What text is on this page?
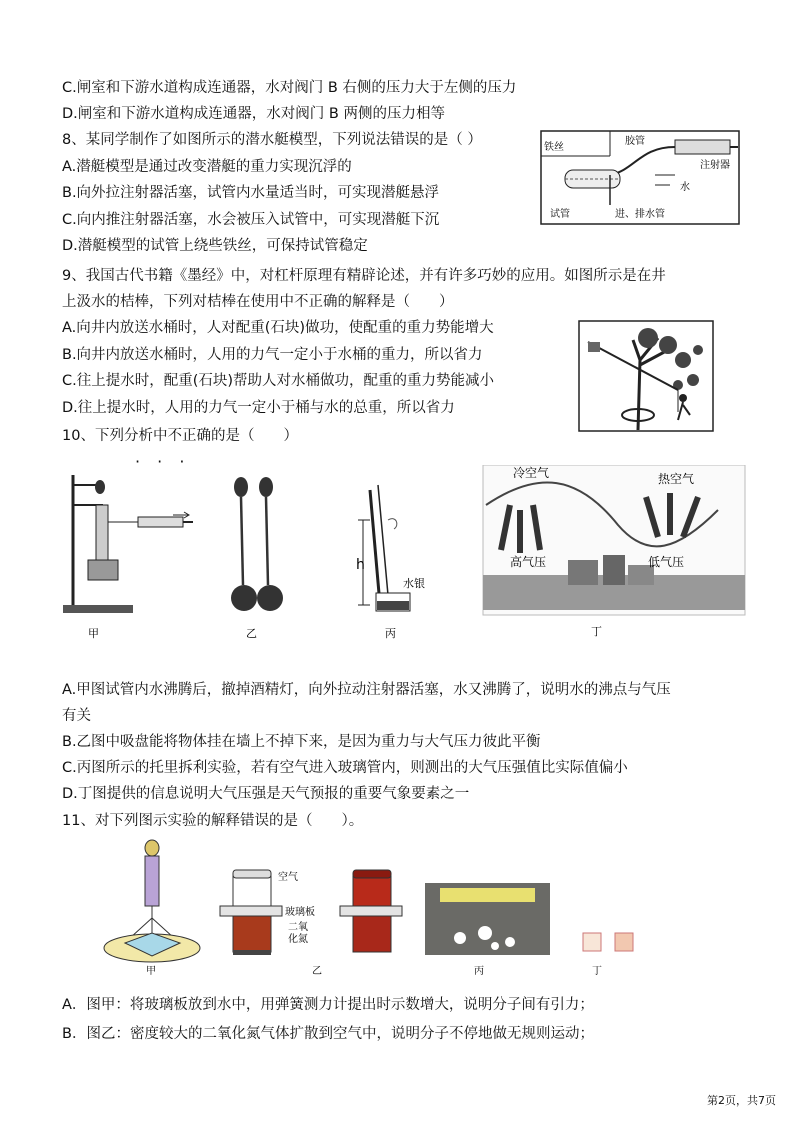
C.闸室和下游水道构成连通器，水对阀门 B 右侧的压力大于左侧的压力
D.闸室和下游水道构成连通器，水对阀门 B 两侧的压力相等
8、某同学制作了如图所示的潜水艇模型，下列说法错误的是（ ）
A.潜艇模型是通过改变潜艇的重力实现沉浮的
B.向外拉注射器活塞，试管内水量适当时，可实现潜艇悬浮
C.向内推注射器活塞，水会被压入试管中，可实现潜艇下沉
D.潜艇模型的试管上绕些铁丝，可保持试管稳定
胶管
注射器
铁丝
水
试管	进、排水管
9、我国古代书籍《墨经》中，对杠杆原理有精辟论述，并有许多巧妙的应用。如图所示是在井
上汲水的桔棒，下列对桔棒在使用中不正确的解释是（　　）
A.向井内放送水桶时，人对配重(石块)做功，使配重的重力势能增大
B.向井内放送水桶时，人用的力气一定小于水桶的重力，所以省力
C.往上提水时，配重(石块)帮助人对水桶做功，配重的重力势能减小
D.往上提水时，人用的力气一定小于桶与水的总重，所以省力
10、下列分析中不正确的是（　　）
· · ·
甲	乙
h
水银
丙
冷空气	热空气
高气压	低气压
丁
A.甲图试管内水沸腾后，撤掉酒精灯，向外拉动注射器活塞，水又沸腾了，说明水的沸点与气压
有关
B.乙图中吸盘能将物体挂在墙上不掉下来，是因为重力与大气压力彼此平衡
C.丙图所示的托里拆利实验，若有空气进入玻璃管内，则测出的大气压强值比实际值偏小
D.丁图提供的信息说明大气压强是天气预报的重要气象要素之一
11、对下列图示实验的解释错误的是（　　）。
甲
空气
玻璃板
二氧
化氮
乙	丙	丁
A．图甲：将玻璃板放到水中，用弹簧测力计提出时示数增大，说明分子间有引力；
B．图乙：密度较大的二氧化氮气体扩散到空气中，说明分子不停地做无规则运动；
第2页，共7页
